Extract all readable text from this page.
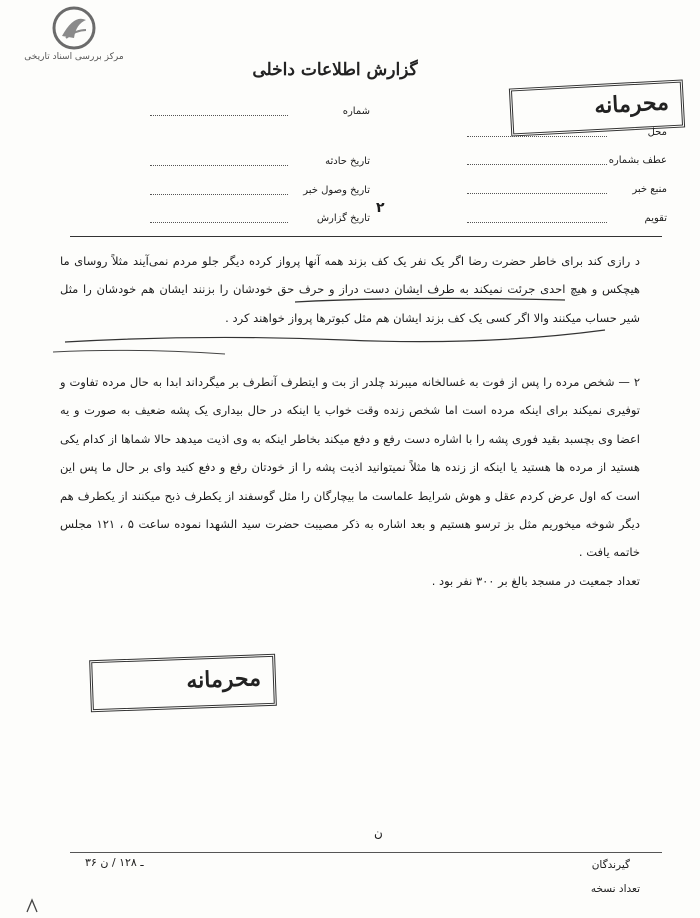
مرکز بررسی اسناد تاریخی
گزارش اطلاعات داخلی
محرمانه
محل
عطف بشماره
منبع خبر
تقویم
شماره
تاریخ حادثه
تاریخ وصول خبر
تاریخ گزارش
۲

د رازی کند برای خاطر حضرت رضا اگر یک نفر یک کف بزند همه آنها پرواز کرده دیگر جلو مردم نمی‌آیند مثلاً روسای ما هیچکس و هیچ احدی جرئت نمیکند به طرف ایشان دست دراز و حرف حق خودشان را بزنند ایشان هم خودشان را مثل شیر حساب میکنند والا اگر کسی یک کف بزند ایشان هم مثل کبوترها پرواز خواهند کرد .

۲ — شخص مرده را پس از فوت به غسالخانه میبرند چلدر از بت و ایتطرف آنطرف بر میگرداند ابدا به حال مرده تفاوت و توفیری نمیکند برای اینکه مرده است اما شخص زنده وقت خواب یا اینکه در حال بیداری یک پشه ضعیف به صورت و یه اعضا وی بچسبد بقید فوری پشه را با اشاره دست رفع و دفع میکند بخاطر اینکه به وی اذیت میدهد حالا شماها از کدام یکی هستید از مرده ها هستید یا اینکه از زنده ها مثلاً نمیتوانید اذیت پشه را از خودتان رفع و دفع کنید وای بر حال ما پس این است که اول عرض کردم عقل و هوش شرایط علماست ما بیچارگان را مثل گوسفند از یکطرف ذبح میکنند از یکطرف هم دیگر شوخه میخوریم مثل بز ترسو هستیم و بعد اشاره به ذکر مصیبت حضرت سید الشهدا نموده ساعت ۵ ، ۱۲۱ مجلس خاتمه یافت .

تعداد جمعیت در مسجد بالغ بر ۳۰۰ نفر بود .

محرمانه
ن
گیرندگان
تعداد نسخه
۳۶ ـ ۱۲۸ / ن
